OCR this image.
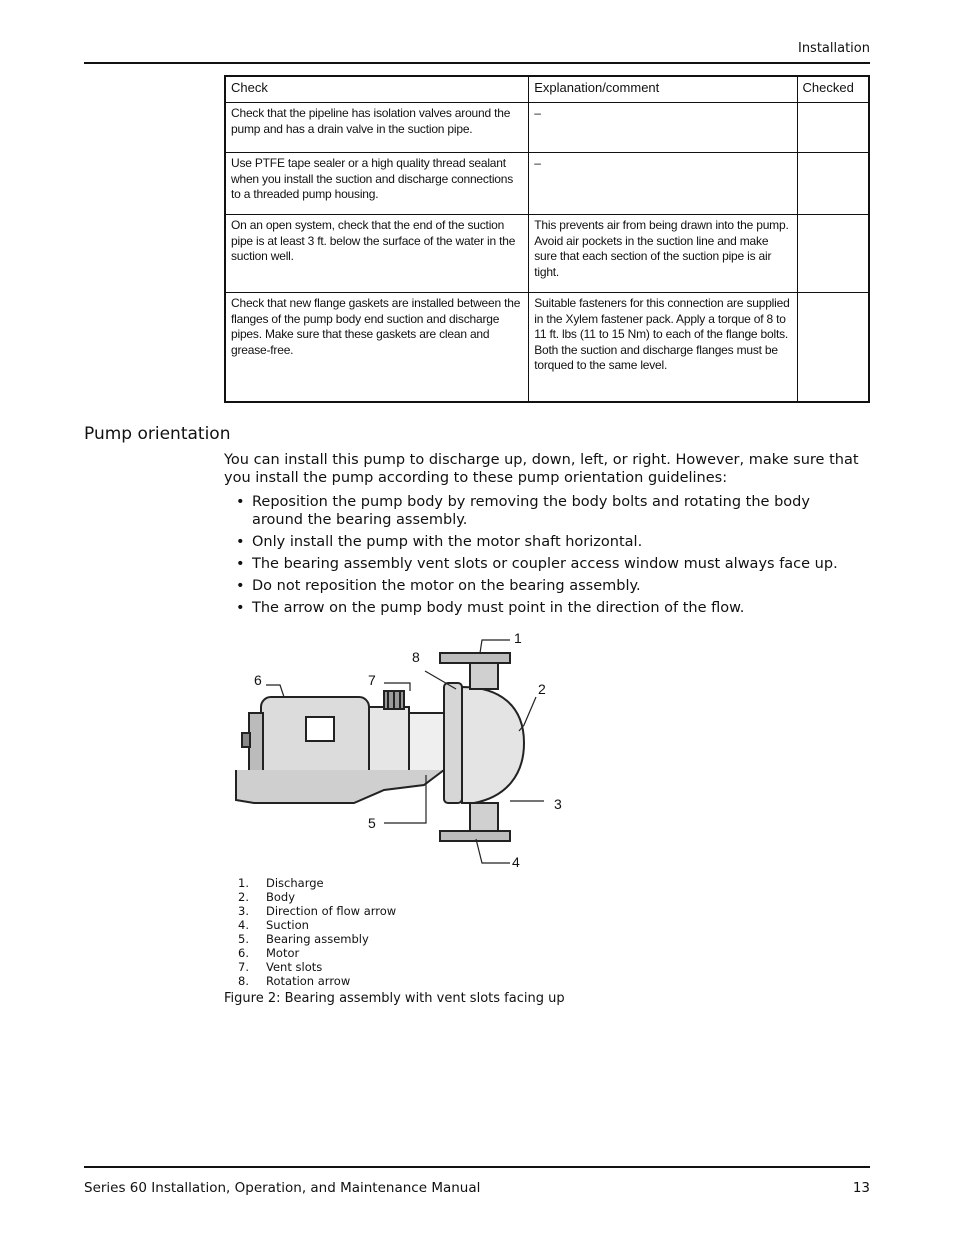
Installation
Check	Explanation/comment	Checked
Check that the pipeline has isolation valves around the pump and has a drain valve in the suction pipe.	–	
Use PTFE tape sealer or a high quality thread sealant when you install the suction and discharge connections to a threaded pump housing.	–	
On an open system, check that the end of the suction pipe is at least 3 ft. below the surface of the water in the suction well.	This prevents air from being drawn into the pump. Avoid air pockets in the suction line and make sure that each section of the suction pipe is air tight.	
Check that new flange gaskets are installed between the flanges of the pump body end suction and discharge pipes. Make sure that these gaskets are clean and grease-free.	Suitable fasteners for this connection are supplied in the Xylem fastener pack. Apply a torque of 8 to 11 ft. lbs (11 to 15 Nm) to each of the flange bolts. Both the suction and discharge flanges must be torqued to the same level.	
Pump orientation
You can install this pump to discharge up, down, left, or right. However, make sure that you install the pump according to these pump orientation guidelines:
• Reposition the pump body by removing the body bolts and rotating the body around the bearing assembly.
• Only install the pump with the motor shaft horizontal.
• The bearing assembly vent slots or coupler access window must always face up.
• Do not reposition the motor on the bearing assembly.
• The arrow on the pump body must point in the direction of the flow.
1
2
3
4
5
6	7
8
1.	Discharge
2.	Body
3.	Direction of flow arrow
4.	Suction
5.	Bearing assembly
6.	Motor
7.	Vent slots
8.	Rotation arrow
Figure 2: Bearing assembly with vent slots facing up
Series 60 Installation, Operation, and Maintenance Manual	13
